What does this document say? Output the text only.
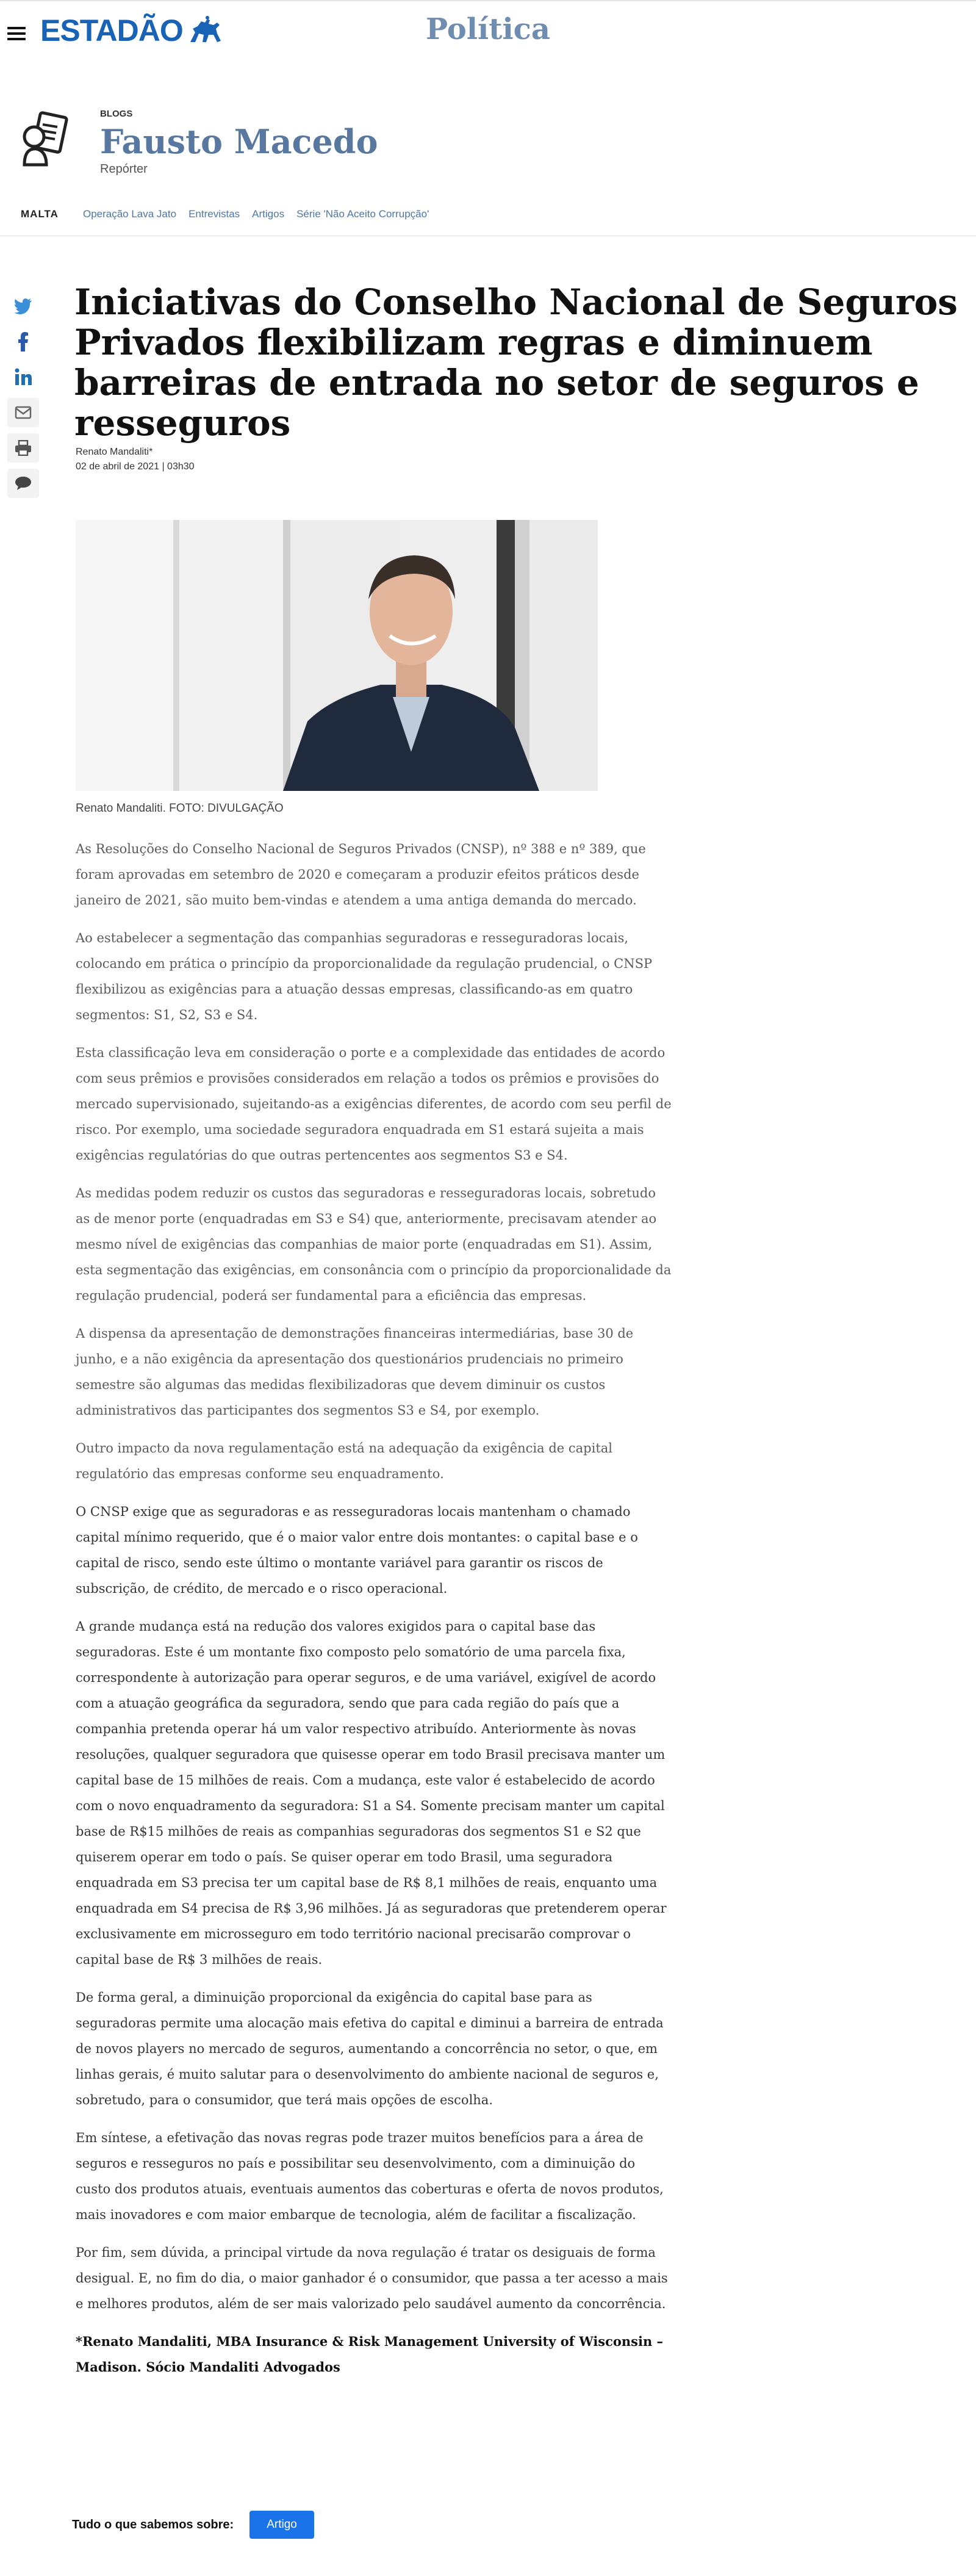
ESTADÃO	Política
BLOGS
Fausto Macedo
Repórter
MALTA Operação Lava Jato Entrevistas Artigos Série 'Não Aceito Corrupção'
Iniciativas do Conselho Nacional de Seguros Privados flexibilizam regras e diminuem barreiras de entrada no setor de seguros e resseguros
Renato Mandaliti*
02 de abril de 2021 | 03h30
Renato Mandaliti. FOTO: DIVULGAÇÃO

As Resoluções do Conselho Nacional de Seguros Privados (CNSP), nº 388 e nº 389, que foram aprovadas em setembro de 2020 e começaram a produzir efeitos práticos desde janeiro de 2021, são muito bem-vindas e atendem a uma antiga demanda do mercado.

Ao estabelecer a segmentação das companhias seguradoras e resseguradoras locais, colocando em prática o princípio da proporcionalidade da regulação prudencial, o CNSP flexibilizou as exigências para a atuação dessas empresas, classificando-as em quatro segmentos: S1, S2, S3 e S4.

Esta classificação leva em consideração o porte e a complexidade das entidades de acordo com seus prêmios e provisões considerados em relação a todos os prêmios e provisões do mercado supervisionado, sujeitando-as a exigências diferentes, de acordo com seu perfil de risco. Por exemplo, uma sociedade seguradora enquadrada em S1 estará sujeita a mais exigências regulatórias do que outras pertencentes aos segmentos S3 e S4.

As medidas podem reduzir os custos das seguradoras e resseguradoras locais, sobretudo as de menor porte (enquadradas em S3 e S4) que, anteriormente, precisavam atender ao mesmo nível de exigências das companhias de maior porte (enquadradas em S1). Assim, esta segmentação das exigências, em consonância com o princípio da proporcionalidade da regulação prudencial, poderá ser fundamental para a eficiência das empresas.

A dispensa da apresentação de demonstrações financeiras intermediárias, base 30 de junho, e a não exigência da apresentação dos questionários prudenciais no primeiro semestre são algumas das medidas flexibilizadoras que devem diminuir os custos administrativos das participantes dos segmentos S3 e S4, por exemplo.

Outro impacto da nova regulamentação está na adequação da exigência de capital regulatório das empresas conforme seu enquadramento.

O CNSP exige que as seguradoras e as resseguradoras locais mantenham o chamado capital mínimo requerido, que é o maior valor entre dois montantes: o capital base e o capital de risco, sendo este último o montante variável para garantir os riscos de subscrição, de crédito, de mercado e o risco operacional.

A grande mudança está na redução dos valores exigidos para o capital base das seguradoras. Este é um montante fixo composto pelo somatório de uma parcela fixa, correspondente à autorização para operar seguros, e de uma variável, exigível de acordo com a atuação geográfica da seguradora, sendo que para cada região do país que a companhia pretenda operar há um valor respectivo atribuído. Anteriormente às novas resoluções, qualquer seguradora que quisesse operar em todo Brasil precisava manter um capital base de 15 milhões de reais. Com a mudança, este valor é estabelecido de acordo com o novo enquadramento da seguradora: S1 a S4. Somente precisam manter um capital base de R$15 milhões de reais as companhias seguradoras dos segmentos S1 e S2 que quiserem operar em todo o país. Se quiser operar em todo Brasil, uma seguradora enquadrada em S3 precisa ter um capital base de R$ 8,1 milhões de reais, enquanto uma enquadrada em S4 precisa de R$ 3,96 milhões. Já as seguradoras que pretenderem operar exclusivamente em microsseguro em todo território nacional precisarão comprovar o capital base de R$ 3 milhões de reais.

De forma geral, a diminuição proporcional da exigência do capital base para as seguradoras permite uma alocação mais efetiva do capital e diminui a barreira de entrada de novos players no mercado de seguros, aumentando a concorrência no setor, o que, em linhas gerais, é muito salutar para o desenvolvimento do ambiente nacional de seguros e, sobretudo, para o consumidor, que terá mais opções de escolha.

Em síntese, a efetivação das novas regras pode trazer muitos benefícios para a área de seguros e resseguros no país e possibilitar seu desenvolvimento, com a diminuição do custo dos produtos atuais, eventuais aumentos das coberturas e oferta de novos produtos, mais inovadores e com maior embarque de tecnologia, além de facilitar a fiscalização.

Por fim, sem dúvida, a principal virtude da nova regulação é tratar os desiguais de forma desigual. E, no fim do dia, o maior ganhador é o consumidor, que passa a ter acesso a mais e melhores produtos, além de ser mais valorizado pelo saudável aumento da concorrência.

*Renato Mandaliti, MBA Insurance & Risk Management University of Wisconsin – Madison. Sócio Mandaliti Advogados

Tudo o que sabemos sobre:	Artigo
